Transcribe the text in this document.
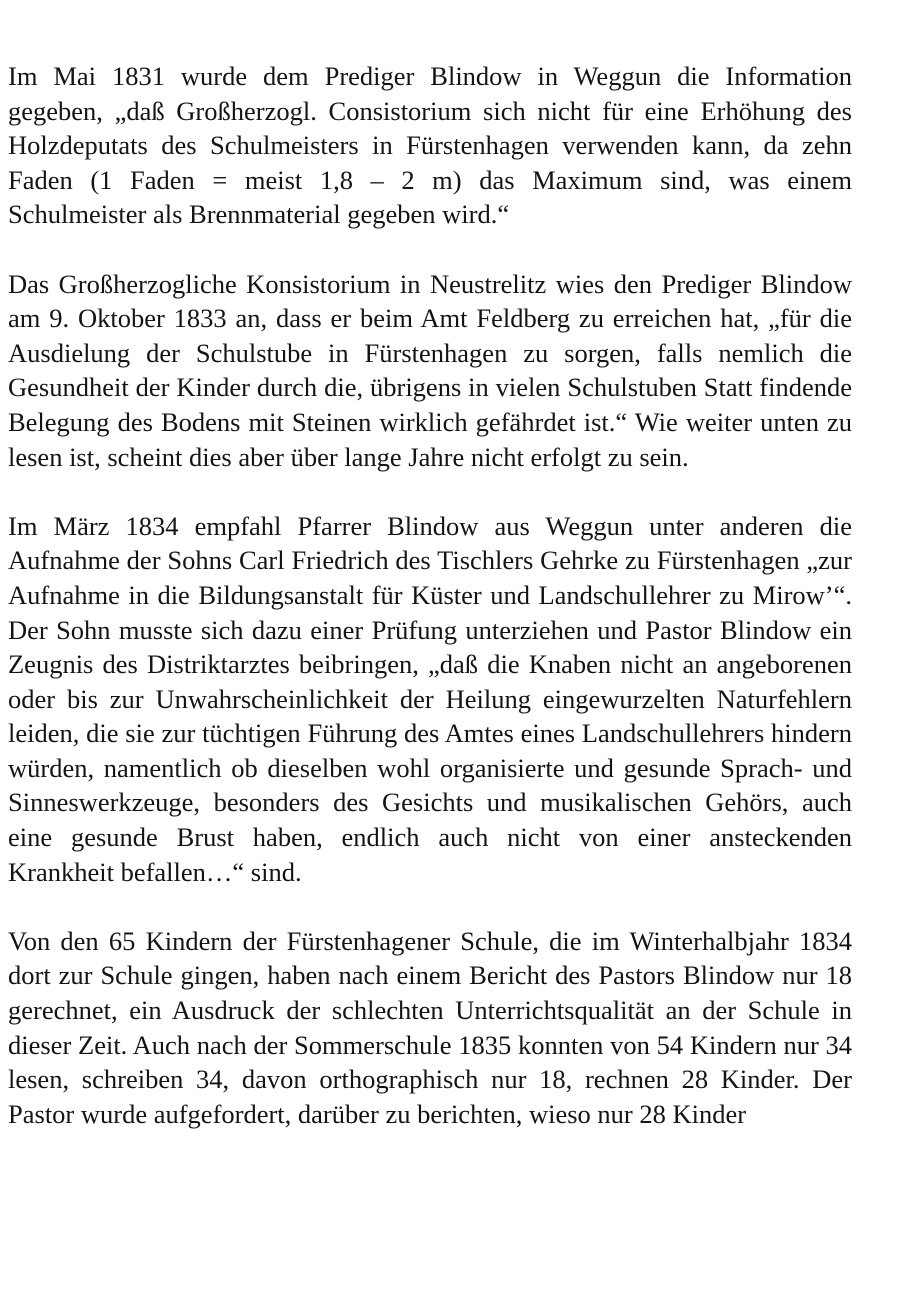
Im Mai 1831 wurde dem Prediger Blindow in Weggun die Information gegeben, „daß Großherzogl. Consistorium sich nicht für eine Erhöhung des Holzdeputats des Schulmeisters in Fürstenhagen verwenden kann, da zehn Faden (1 Faden = meist 1,8 – 2 m) das Maximum sind, was einem Schulmeister als Brennmaterial gegeben wird.“

Das Großherzogliche Konsistorium in Neustrelitz wies den Prediger Blindow am 9. Oktober 1833 an, dass er beim Amt Feldberg zu erreichen hat, „für die Ausdielung der Schulstube in Fürstenhagen zu sorgen, falls nemlich die Gesundheit der Kinder durch die, übrigens in vielen Schulstuben Statt findende Belegung des Bodens mit Steinen wirklich gefährdet ist.“ Wie weiter unten zu lesen ist, scheint dies aber über lange Jahre nicht erfolgt zu sein.

Im März 1834 empfahl Pfarrer Blindow aus Weggun unter anderen die Aufnahme der Sohns Carl Friedrich des Tischlers Gehrke zu Fürstenhagen „zur Aufnahme in die Bildungsanstalt für Küster und Landschullehrer zu Mirow’“. Der Sohn musste sich dazu einer Prüfung unterziehen und Pastor Blindow ein Zeugnis des Distriktarztes beibringen, „daß die Knaben nicht an angeborenen oder bis zur Unwahrscheinlichkeit der Heilung eingewurzelten Naturfehlern leiden, die sie zur tüchtigen Führung des Amtes eines Landschullehrers hindern würden, namentlich ob dieselben wohl organisierte und gesunde Sprach- und Sinneswerkzeuge, besonders des Gesichts und musikalischen Gehörs, auch eine gesunde Brust haben, endlich auch nicht von einer ansteckenden Krankheit befallen…“ sind.

Von den 65 Kindern der Fürstenhagener Schule, die im Winterhalbjahr 1834 dort zur Schule gingen, haben nach einem Bericht des Pastors Blindow nur 18 gerechnet, ein Ausdruck der schlechten Unterrichtsqualität an der Schule in dieser Zeit. Auch nach der Sommerschule 1835 konnten von 54 Kindern nur 34 lesen, schreiben 34, davon orthographisch nur 18, rechnen 28 Kinder. Der Pastor wurde aufgefordert, darüber zu berichten, wieso nur 28 Kinder
